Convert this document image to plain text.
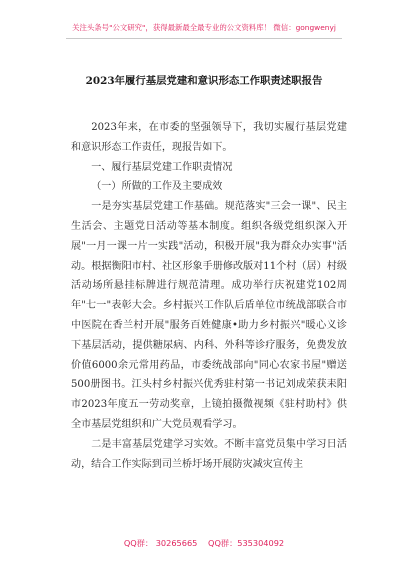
关注头条号"公文研究"，获得最新最全最专业的公文资料库！ 微信：gongwenyj
2023年履行基层党建和意识形态工作职责述职报告

2023年来，在市委的坚强领导下，我切实履行基层党建和意识形态工作责任，现报告如下。

一、履行基层党建工作职责情况

（一）所做的工作及主要成效

一是夯实基层党建工作基础。规范落实"三会一课"、民主生活会、主题党日活动等基本制度。组织各级党组织深入开展"一月一课一片一实践"活动，积极开展"我为群众办实事"活动。根据衡阳市村、社区形象手册修改版对11个村（居）村级活动场所悬挂标牌进行规范清理。成功举行庆祝建党102周年"七一"表彰大会。乡村振兴工作队后盾单位市统战部联合市中医院在香兰村开展"服务百姓健康•助力乡村振兴"暖心义诊下基层活动，提供糖尿病、内科、外科等诊疗服务，免费发放价值6000余元常用药品，市委统战部向"同心农家书屋"赠送500册图书。江头村乡村振兴优秀驻村第一书记刘成荣获耒阳市2023年度五一劳动奖章，上镜拍摄微视频《驻村助村》供全市基层党组织和广大党员观看学习。

二是丰富基层党建学习实效。不断丰富党员集中学习日活动，结合工作实际到司兰桥圩场开展防灾减灾宣传主

QQ群： 30265665 QQ群：535304092
